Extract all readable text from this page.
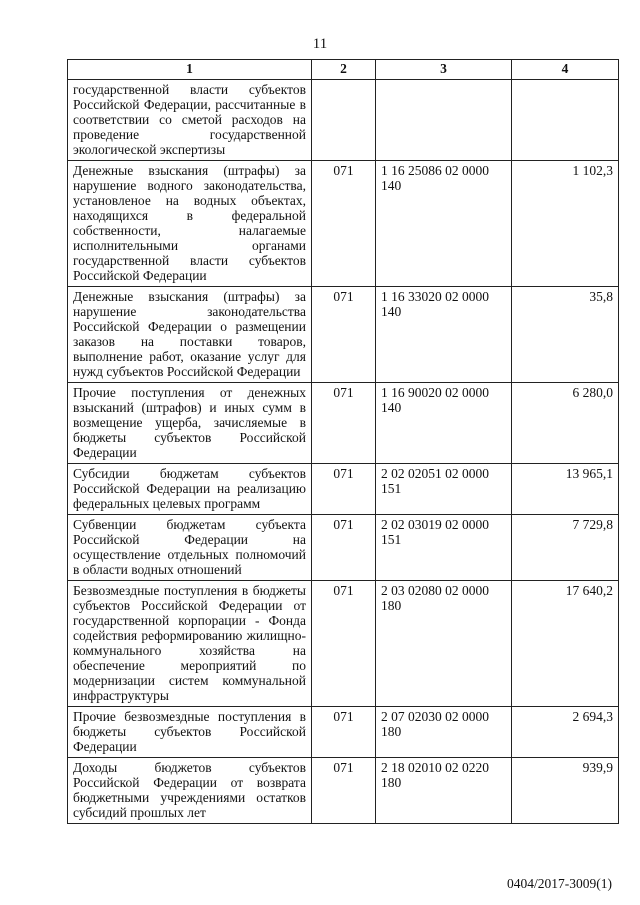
11
1	2	3	4
государственной власти субъектов Российской Федерации, рассчитанные в соответствии со сметой расходов на проведение государственной экологической экспертизы			
Денежные взыскания (штрафы) за нарушение водного законодательства, установленое на водных объектах, находящихся в федеральной собственности, налагаемые исполнительными органами государственной власти субъектов Российской Федерации	071	1 16 25086 02 0000 140	1 102,3
Денежные взыскания (штрафы) за нарушение законодательства Российской Федерации о размещении заказов на поставки товаров, выполнение работ, оказание услуг для нужд субъектов Российской Федерации	071	1 16 33020 02 0000 140	35,8
Прочие поступления от денежных взысканий (штрафов) и иных сумм в возмещение ущерба, зачисляемые в бюджеты субъектов Российской Федерации	071	1 16 90020 02 0000 140	6 280,0
Субсидии бюджетам субъектов Российской Федерации на реализацию федеральных целевых программ	071	2 02 02051 02 0000 151	13 965,1
Субвенции бюджетам субъекта Российской Федерации на осуществление отдельных полномочий в области водных отношений	071	2 02 03019 02 0000 151	7 729,8
Безвозмездные поступления в бюджеты субъектов Российской Федерации от государственной корпорации - Фонда содействия реформированию жилищно-коммунального хозяйства на обеспечение мероприятий по модернизации систем коммунальной инфраструктуры	071	2 03 02080 02 0000 180	17 640,2
Прочие безвозмездные поступления в бюджеты субъектов Российской Федерации	071	2 07 02030 02 0000 180	2 694,3
Доходы бюджетов субъектов Российской Федерации от возврата бюджетными учреждениями остатков субсидий прошлых лет	071	2 18 02010 02 0220 180	939,9
0404/2017-3009(1)
